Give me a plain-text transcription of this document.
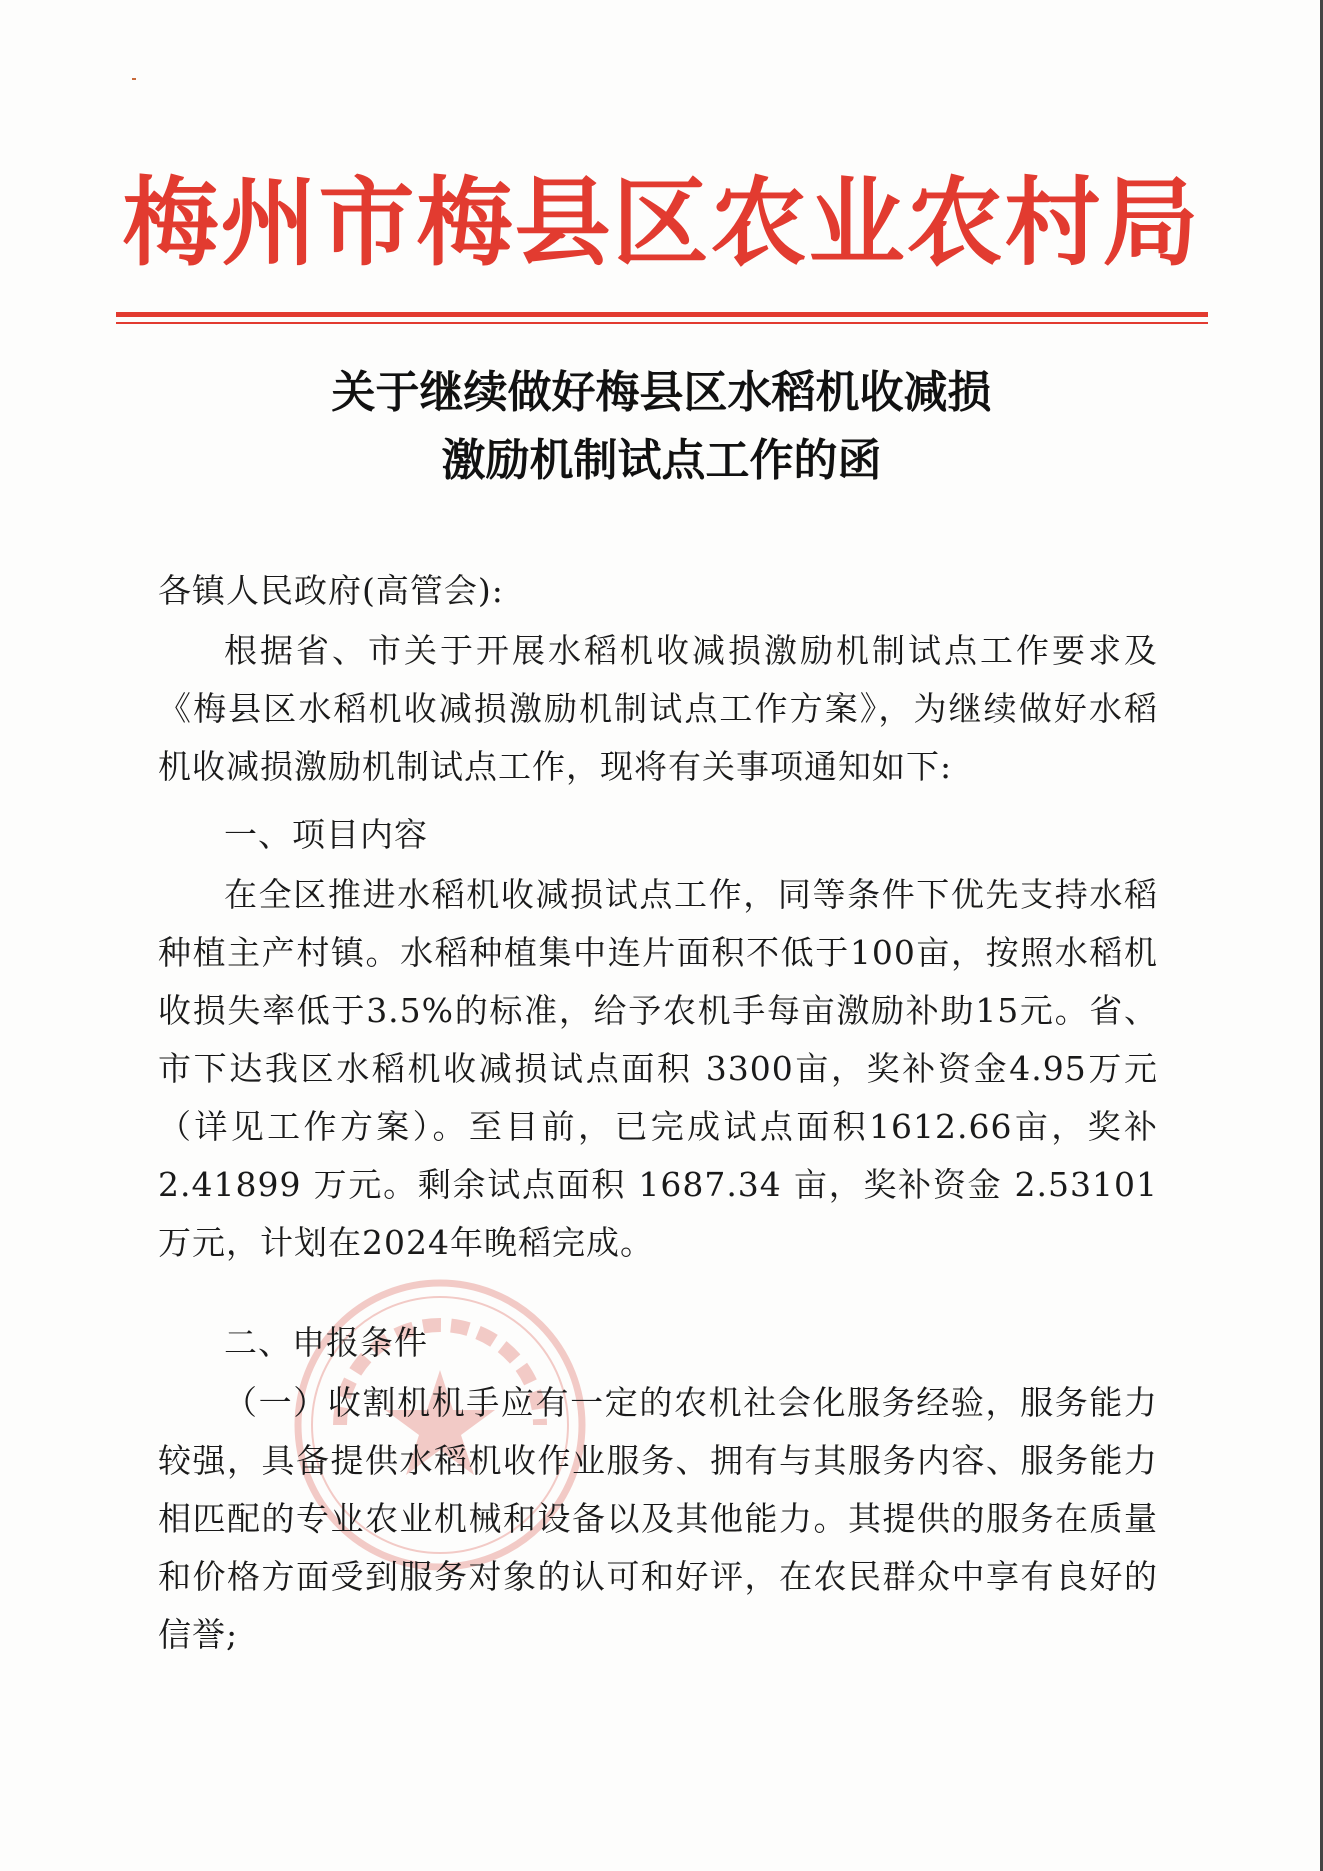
梅州市梅县区农业农村局
关于继续做好梅县区水稻机收减损
激励机制试点工作的函
各镇人民政府(高管会):
根据省、市关于开展水稻机收减损激励机制试点工作要求及《梅县区水稻机收减损激励机制试点工作方案》，为继续做好水稻机收减损激励机制试点工作，现将有关事项通知如下:
一、项目内容
在全区推进水稻机收减损试点工作，同等条件下优先支持水稻种植主产村镇。水稻种植集中连片面积不低于100亩，按照水稻机收损失率低于3.5%的标准，给予农机手每亩激励补助15元。省、市下达我区水稻机收减损试点面积 3300亩，奖补资金4.95万元（详见工作方案）。至目前，已完成试点面积1612.66亩，奖补 2.41899 万元。剩余试点面积 1687.34 亩，奖补资金 2.53101万元，计划在2024年晚稻完成。
二、申报条件
（一）收割机机手应有一定的农机社会化服务经验，服务能力较强，具备提供水稻机收作业服务、拥有与其服务内容、服务能力相匹配的专业农业机械和设备以及其他能力。其提供的服务在质量和价格方面受到服务对象的认可和好评，在农民群众中享有良好的信誉;
